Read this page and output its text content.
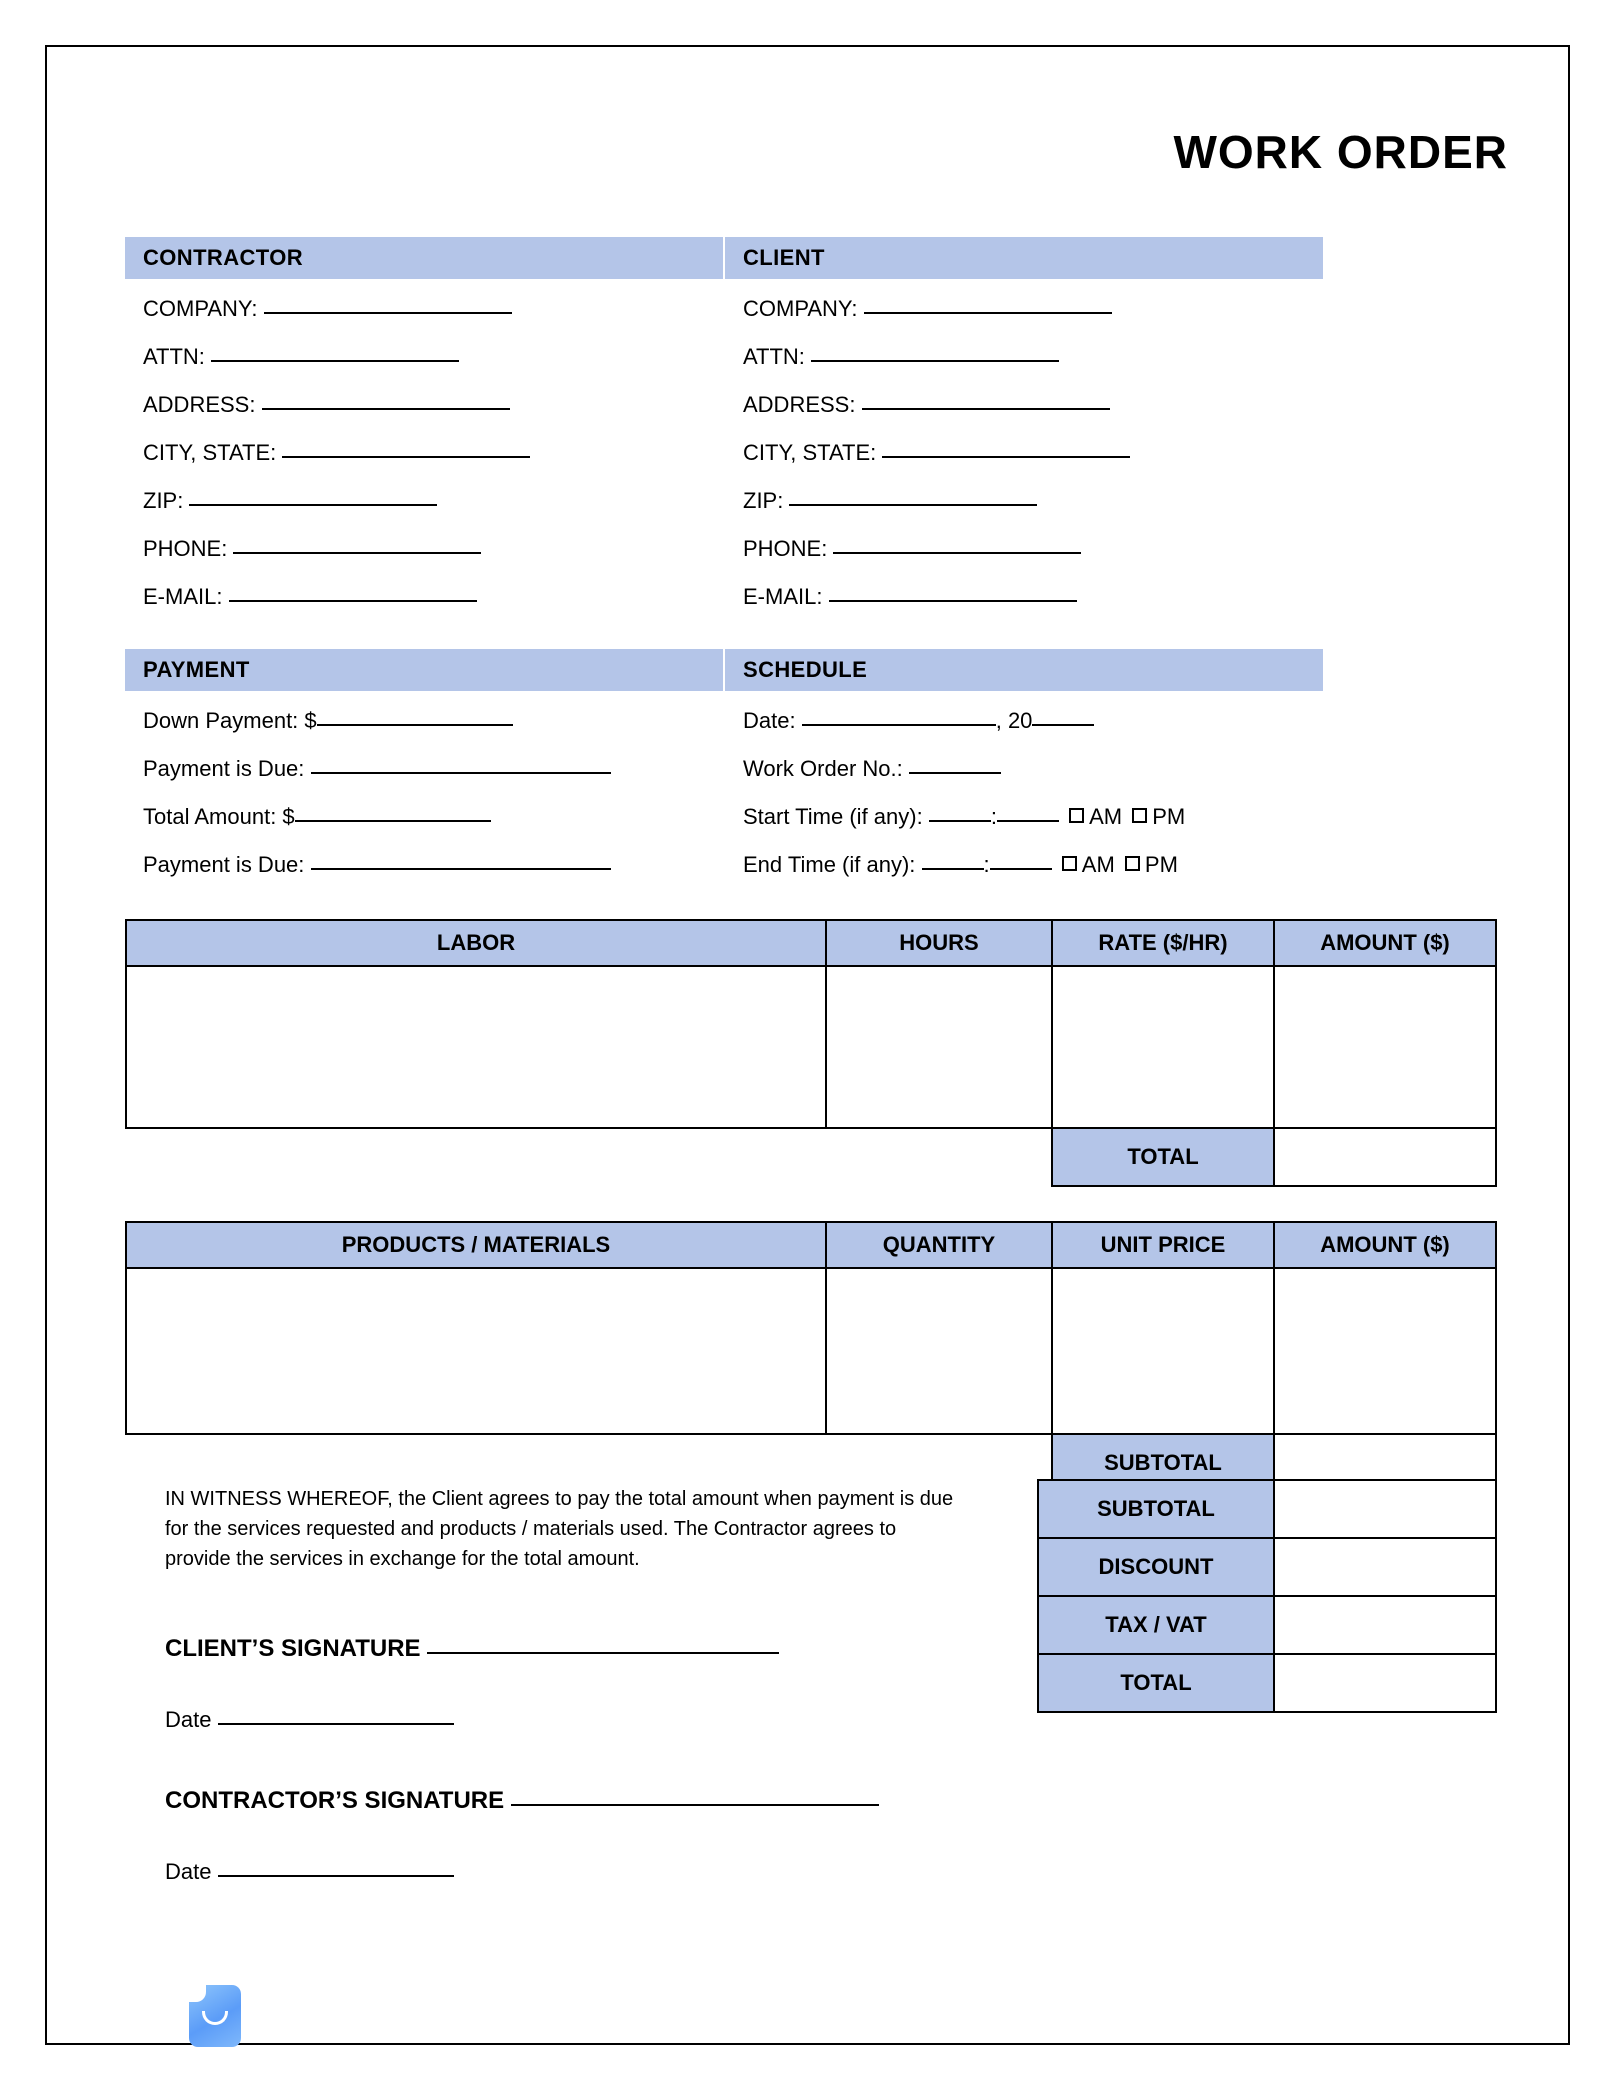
WORK ORDER
CONTRACTOR
COMPANY:
ATTN:
ADDRESS:
CITY, STATE:
ZIP:
PHONE:
E-MAIL:
CLIENT
COMPANY:
ATTN:
ADDRESS:
CITY, STATE:
ZIP:
PHONE:
E-MAIL:
PAYMENT
Down Payment: $
Payment is Due:
Total Amount: $
Payment is Due:
SCHEDULE
Date:	, 20
Work Order No.:
Start Time (if any):	:	AM PM
End Time (if any):	:	AM PM
LABOR	HOURS	RATE ($/HR)	AMOUNT ($)

		TOTAL	
PRODUCTS / MATERIALS	QUANTITY	UNIT PRICE	AMOUNT ($)

		SUBTOTAL	
SUBTOTAL	
DISCOUNT	
TAX / VAT	
TOTAL	
IN WITNESS WHEREOF, the Client agrees to pay the total amount when payment is due for the services requested and products / materials used. The Contractor agrees to provide the services in exchange for the total amount.
CLIENT’S SIGNATURE
Date
CONTRACTOR’S SIGNATURE
Date
